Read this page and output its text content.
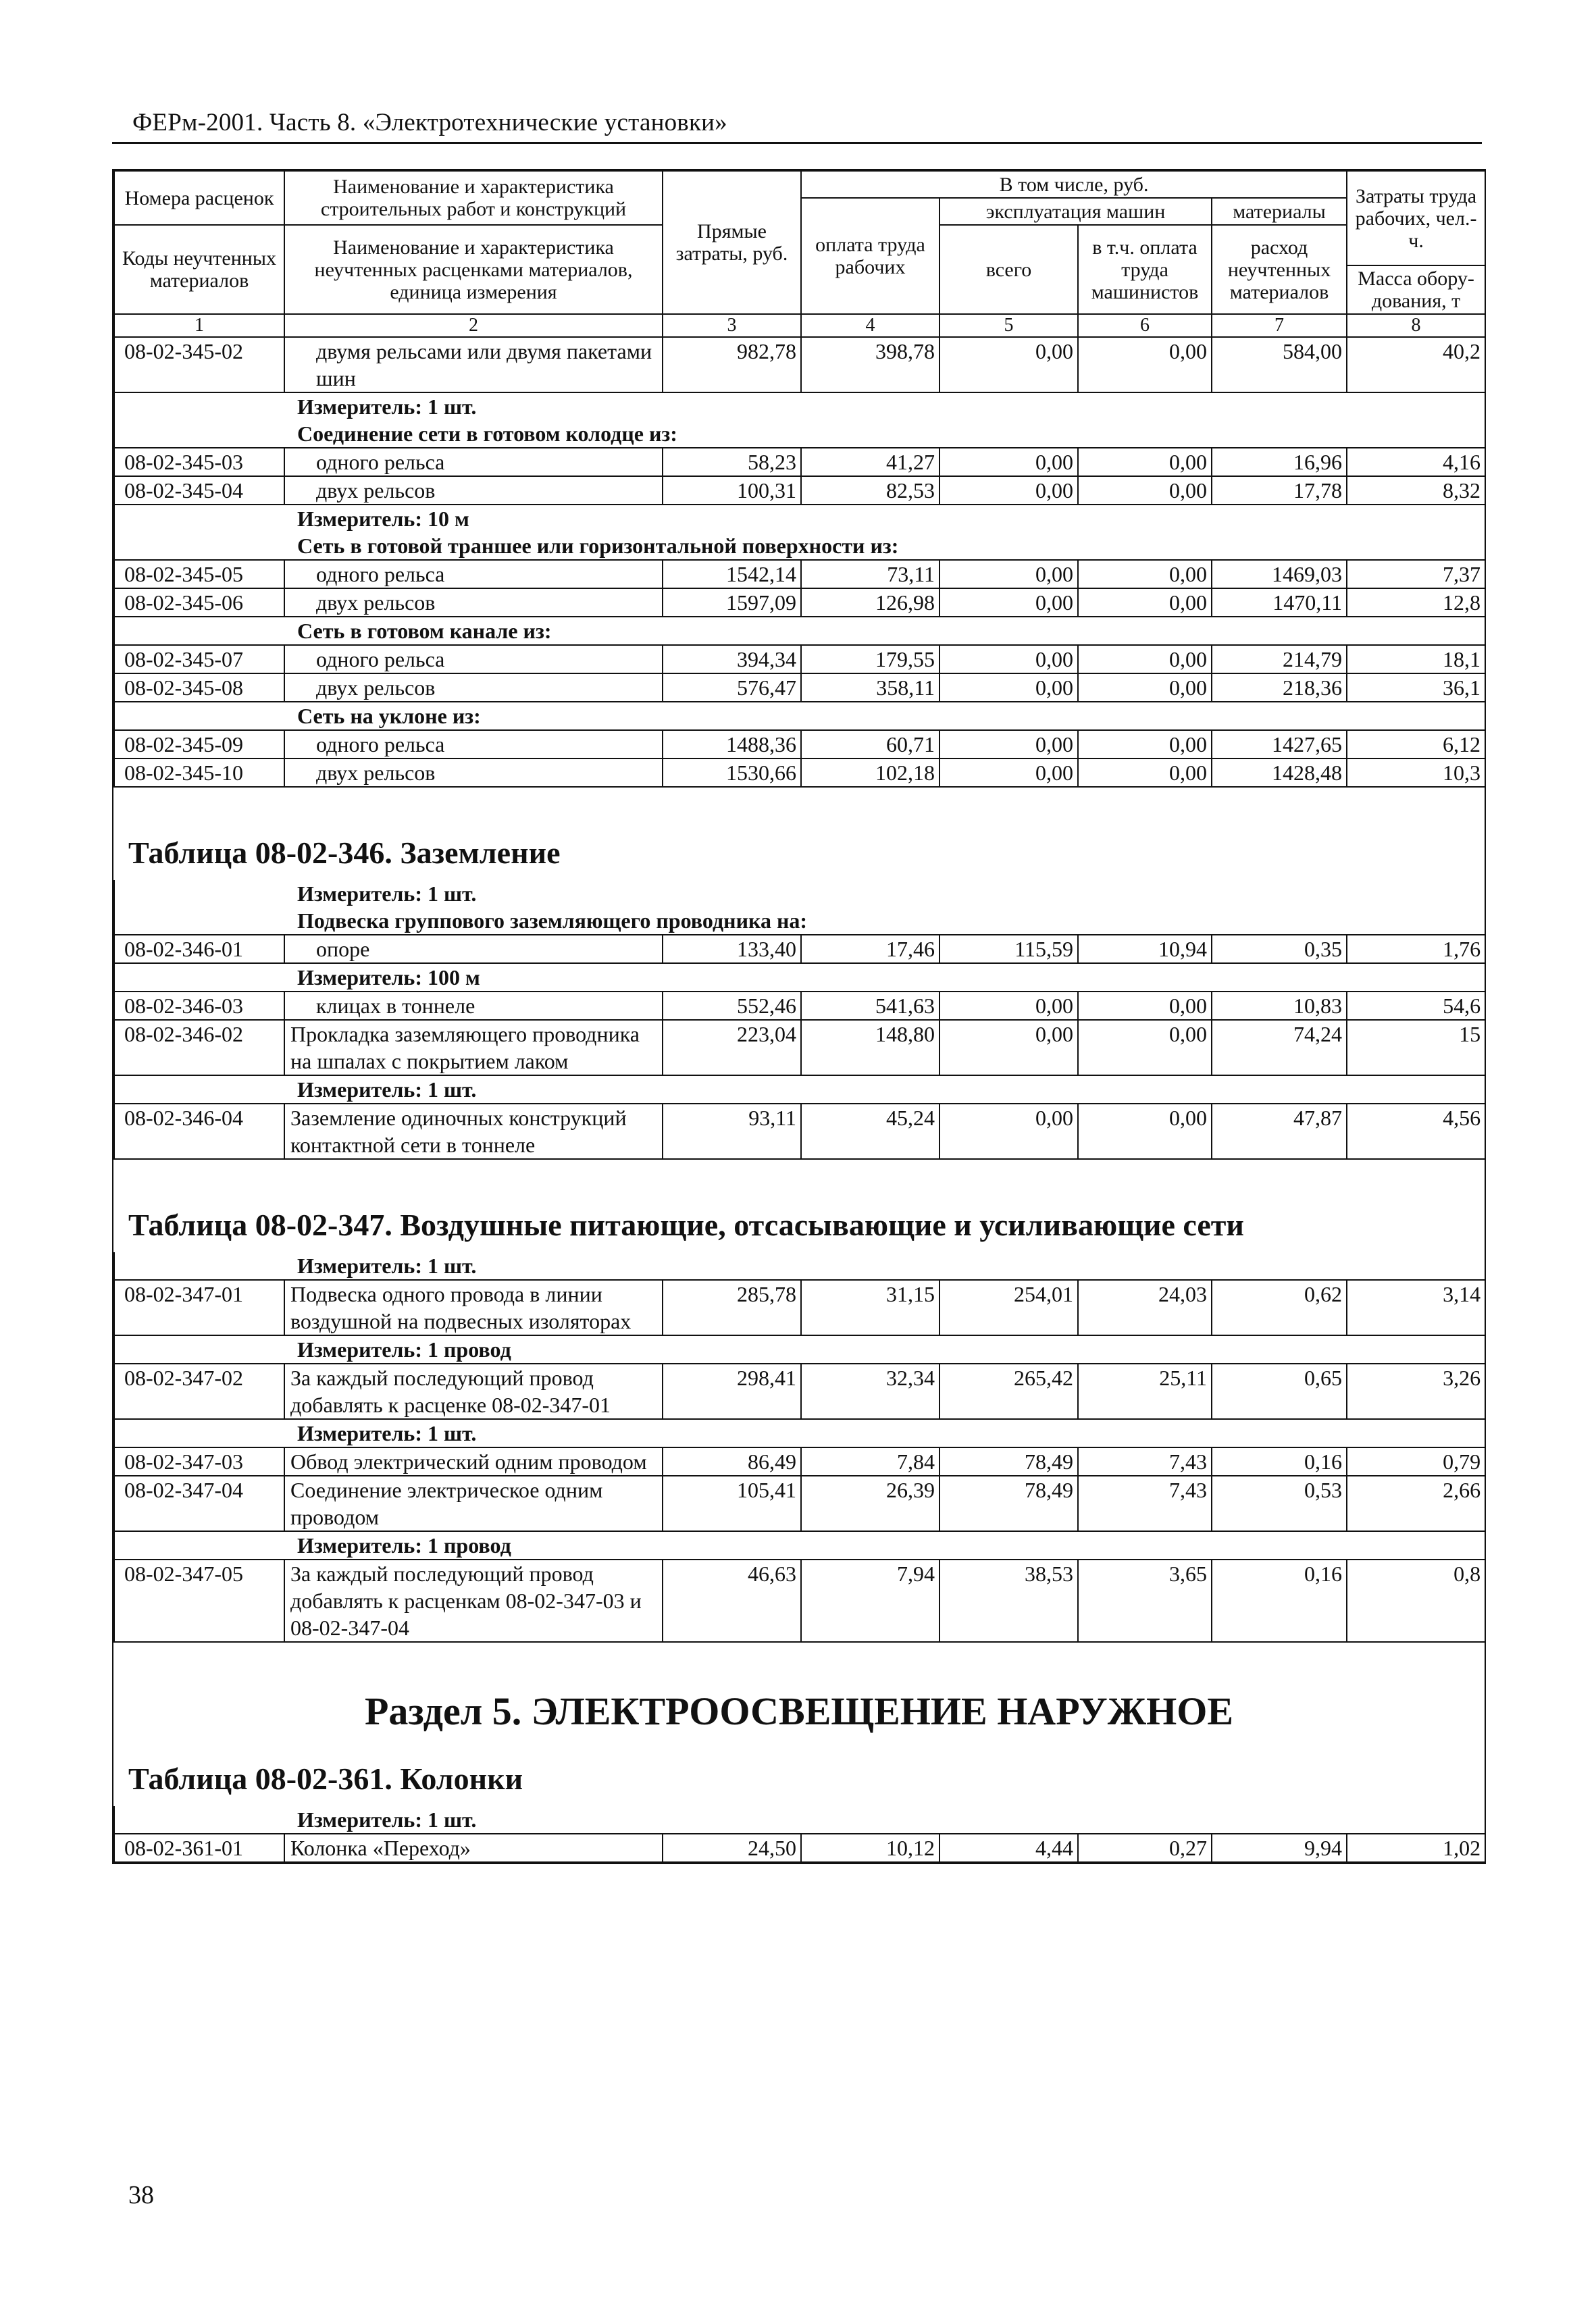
ФЕРм-2001. Часть 8. «Электротехнические установки»
Номера расценок	Наименование и характеристика строительных работ и конструкций	Прямые затраты, руб.	В том числе, руб.				Затраты труда рабочих, чел.-ч.
			оплата труда рабочих	эксплуатация машин		материалы	
Коды неучтенных материалов	Наименование и характеристика неучтенных расценками материалов, единица измерения			всего	в т.ч. оплата труда машинистов	расход неучтенных материалов	
							Масса обору-дования, т
1	2	3	4	5	6	7	8
08-02-345-02	двумя рельсами или двумя пакетами шин	982,78	398,78	0,00	0,00	584,00	40,2
Измеритель: 1 шт.							
Соединение сети в готовом колодце из:							
08-02-345-03	одного рельса	58,23	41,27	0,00	0,00	16,96	4,16
08-02-345-04	двух рельсов	100,31	82,53	0,00	0,00	17,78	8,32
Измеритель: 10 м							
Сеть в готовой траншее или горизонтальной поверхности из:							
08-02-345-05	одного рельса	1542,14	73,11	0,00	0,00	1469,03	7,37
08-02-345-06	двух рельсов	1597,09	126,98	0,00	0,00	1470,11	12,8
Сеть в готовом канале из:							
08-02-345-07	одного рельса	394,34	179,55	0,00	0,00	214,79	18,1
08-02-345-08	двух рельсов	576,47	358,11	0,00	0,00	218,36	36,1
Сеть на уклоне из:							
08-02-345-09	одного рельса	1488,36	60,71	0,00	0,00	1427,65	6,12
08-02-345-10	двух рельсов	1530,66	102,18	0,00	0,00	1428,48	10,3
Таблица 08-02-346. Заземление
Измеритель: 1 шт.							
Подвеска группового заземляющего проводника на:							
08-02-346-01	опоре	133,40	17,46	115,59	10,94	0,35	1,76
Измеритель: 100 м							
08-02-346-03	клицах в тоннеле	552,46	541,63	0,00	0,00	10,83	54,6
08-02-346-02	Прокладка заземляющего проводника на шпалах с покрытием лаком	223,04	148,80	0,00	0,00	74,24	15
Измеритель: 1 шт.							
08-02-346-04	Заземление одиночных конструкций контактной сети в тоннеле	93,11	45,24	0,00	0,00	47,87	4,56
Таблица 08-02-347. Воздушные питающие, отсасывающие и усиливающие сети
Измеритель: 1 шт.							
08-02-347-01	Подвеска одного провода в линии воздушной на подвесных изоляторах	285,78	31,15	254,01	24,03	0,62	3,14
Измеритель: 1 провод							
08-02-347-02	За каждый последующий провод добавлять к расценке 08-02-347-01	298,41	32,34	265,42	25,11	0,65	3,26
Измеритель: 1 шт.							
08-02-347-03	Обвод электрический одним проводом	86,49	7,84	78,49	7,43	0,16	0,79
08-02-347-04	Соединение электрическое одним проводом	105,41	26,39	78,49	7,43	0,53	2,66
Измеритель: 1 провод							
08-02-347-05	За каждый последующий провод добавлять к расценкам 08-02-347-03 и 08-02-347-04	46,63	7,94	38,53	3,65	0,16	0,8
Раздел 5. ЭЛЕКТРООСВЕЩЕНИЕ НАРУЖНОЕ
Таблица 08-02-361. Колонки
Измеритель: 1 шт.
08-02-361-01	Колонка «Переход»	24,50	10,12	4,44	0,27	9,94	1,02
38
